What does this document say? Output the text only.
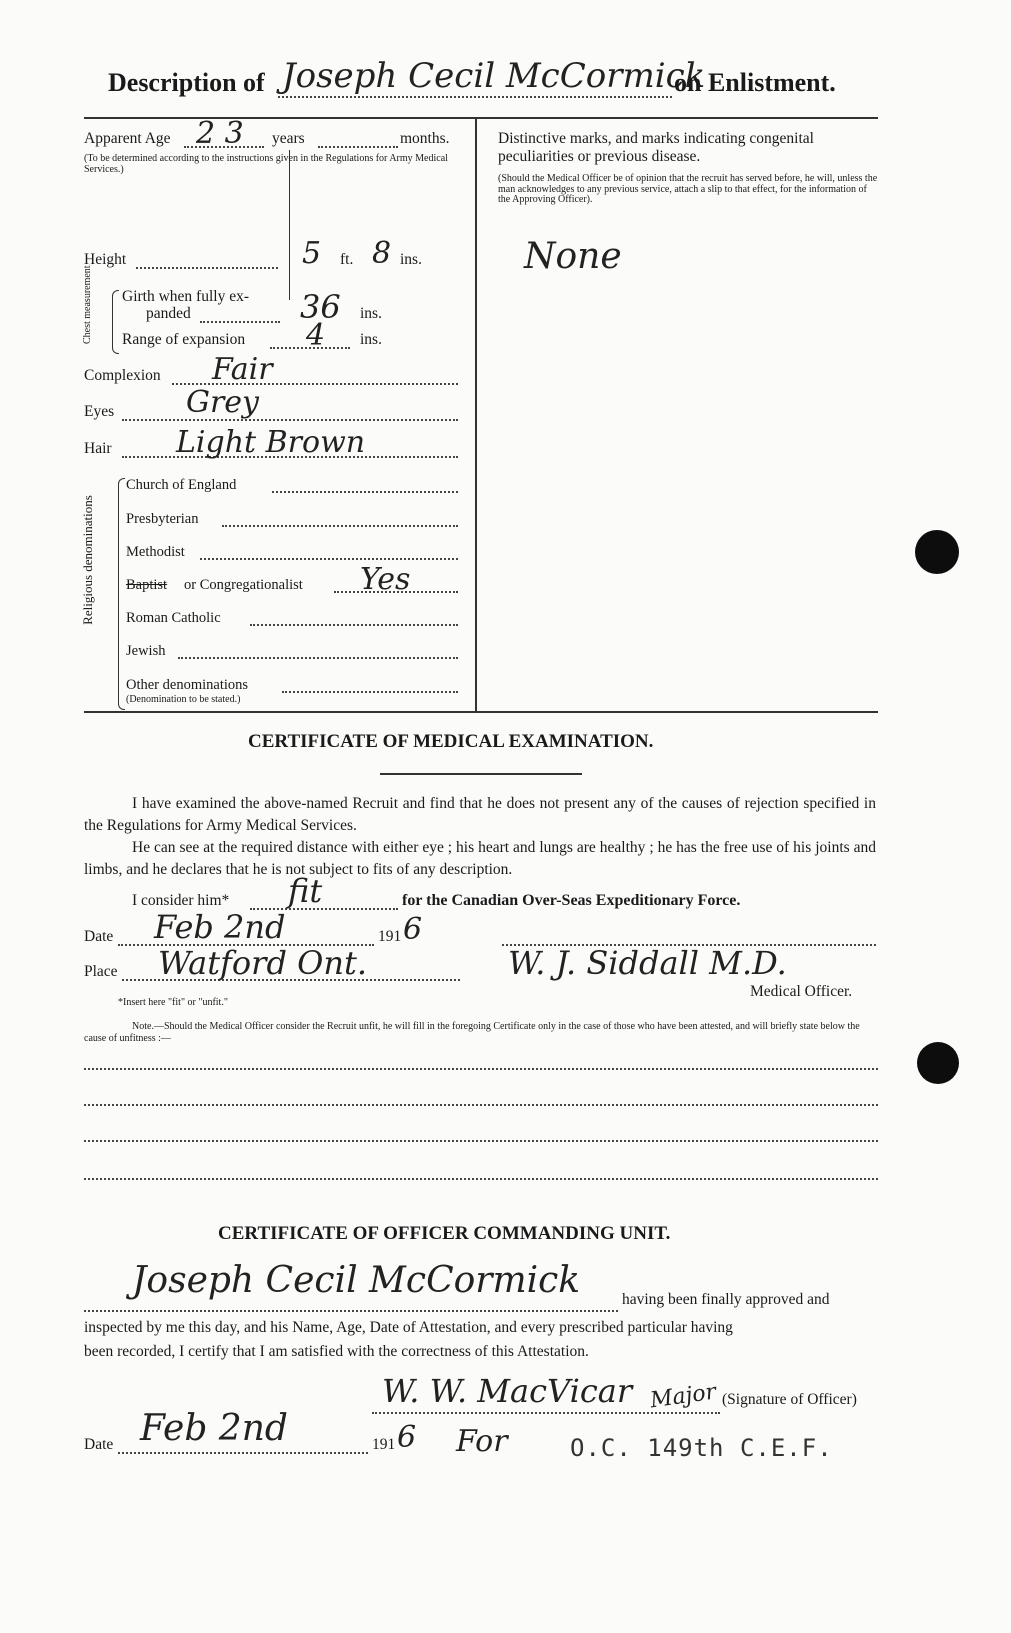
Description of Joseph Cecil McCormick
on Enlistment.
Apparent Age 2 3 years	months.
(To be determined according to the instructions given in the Regulations for Army Medical Services.)
Height	5 ft. 8 ins.
Chest measurement Girth when fully ex-
panded	36 ins.
Range of expansion 4 ins.
Complexion Fair
Eyes Grey
Hair Light Brown
Religious denominations
Church of England
Presbyterian
Methodist
Baptist or Congregationalist Yes
Roman Catholic
Jewish
Other denominations
(Denomination to be stated.)
Distinctive marks, and marks indicating congenital peculiarities or previous disease.
(Should the Medical Officer be of opinion that the recruit has served before, he will, unless the man acknowledges to any previous service, attach a slip to that effect, for the information of the Approving Officer).
None
CERTIFICATE OF MEDICAL EXAMINATION.
I have examined the above-named Recruit and find that he does not present any of the causes of rejection specified in the Regulations for Army Medical Services.
He can see at the required distance with either eye ; his heart and lungs are healthy ; he has the free use of his joints and limbs, and he declares that he is not subject to fits of any description.
I consider him* fit	for the Canadian Over-Seas Expeditionary Force.
Date Feb 2nd	191 6
Place Watford Ont.	W. J. Siddall M.D.
Medical Officer.
*Insert here "fit" or "unfit."
Note.—Should the Medical Officer consider the Recruit unfit, he will fill in the foregoing Certificate only in the case of those who have been attested, and will briefly state below the cause of unfitness :—
CERTIFICATE OF OFFICER COMMANDING UNIT.
Joseph Cecil McCormick	having been finally approved and
inspected by me this day, and his Name, Age, Date of Attestation, and every prescribed particular having
been recorded, I certify that I am satisfied with the correctness of this Attestation.
W. W. MacVicar Major (Signature of Officer)
Date Feb 2nd	191 6 For	O.C. 149th C.E.F.
